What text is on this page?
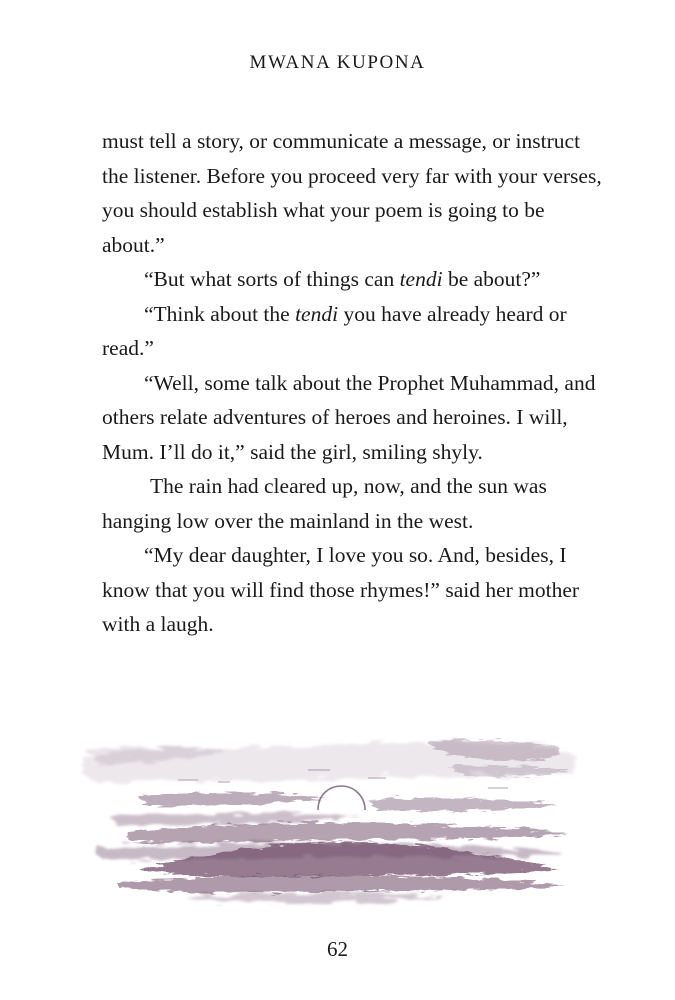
MWANA KUPONA

must tell a story, or communicate a message, or instruct the listener. Before you proceed very far with your verses, you should establish what your poem is going to be about.”

“But what sorts of things can tendi be about?”

“Think about the tendi you have already heard or read.”

“Well, some talk about the Prophet Muhammad, and others relate adventures of heroes and heroines. I will, Mum. I’ll do it,” said the girl, smiling shyly.

The rain had cleared up, now, and the sun was hanging low over the mainland in the west.

“My dear daughter, I love you so. And, besides, I know that you will find those rhymes!” said her mother with a laugh.

62
